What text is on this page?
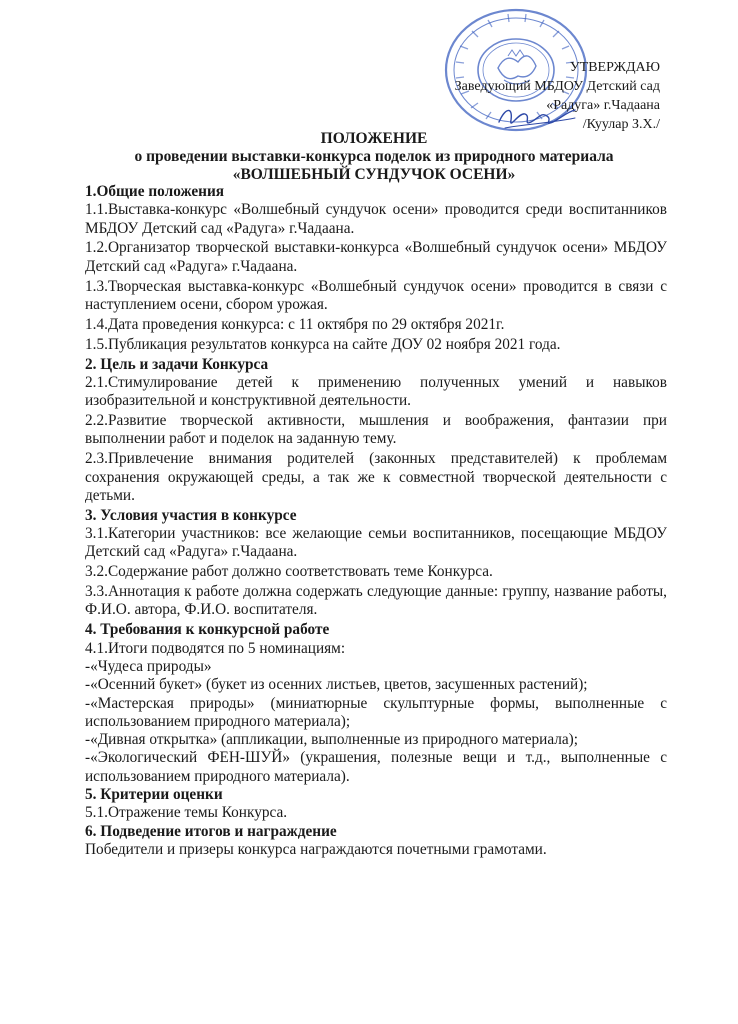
УТВЕРЖДАЮ
Заведующий МБДОУ Детский сад
«Радуга» г.Чадаана
/Куулар З.Х./
ПОЛОЖЕНИЕ
о проведении выставки-конкурса поделок из природного материала
«ВОЛШЕБНЫЙ СУНДУЧОК ОСЕНИ»

1.Общие положения

1.1.Выставка-конкурс «Волшебный сундучок осени» проводится среди воспитанников МБДОУ Детский сад «Радуга» г.Чадаана.

1.2.Организатор творческой выставки-конкурса «Волшебный сундучок осени» МБДОУ Детский сад «Радуга» г.Чадаана.

1.3.Творческая выставка-конкурс «Волшебный сундучок осени» проводится в связи с наступлением осени, сбором урожая.

1.4.Дата проведения конкурса: с 11 октября по 29 октября 2021г.

1.5.Публикация результатов конкурса на сайте ДОУ 02 ноября 2021 года.

2. Цель и задачи Конкурса

2.1.Стимулирование детей к применению полученных умений и навыков изобразительной и конструктивной деятельности.

2.2.Развитие творческой активности, мышления и воображения, фантазии при выполнении работ и поделок на заданную тему.

2.3.Привлечение внимания родителей (законных представителей) к проблемам сохранения окружающей среды, а так же к совместной творческой деятельности с детьми.

3. Условия участия в конкурсе

3.1.Категории участников: все желающие семьи воспитанников, посещающие МБДОУ Детский сад «Радуга» г.Чадаана.

3.2.Содержание работ должно соответствовать теме Конкурса.

3.3.Аннотация к работе должна содержать следующие данные: группу, название работы, Ф.И.О. автора, Ф.И.О. воспитателя.

4. Требования к конкурсной работе

4.1.Итоги подводятся по 5 номинациям:

-«Чудеса природы»

-«Осенний букет» (букет из осенних листьев, цветов, засушенных растений);

-«Мастерская природы» (миниатюрные скульптурные формы, выполненные с использованием природного материала);

-«Дивная открытка» (аппликации, выполненные из природного материала);

-«Экологический ФЕН-ШУЙ» (украшения, полезные вещи и т.д., выполненные с использованием природного материала).

5. Критерии оценки

5.1.Отражение темы Конкурса.

6. Подведение итогов и награждение

Победители и призеры конкурса награждаются почетными грамотами.
